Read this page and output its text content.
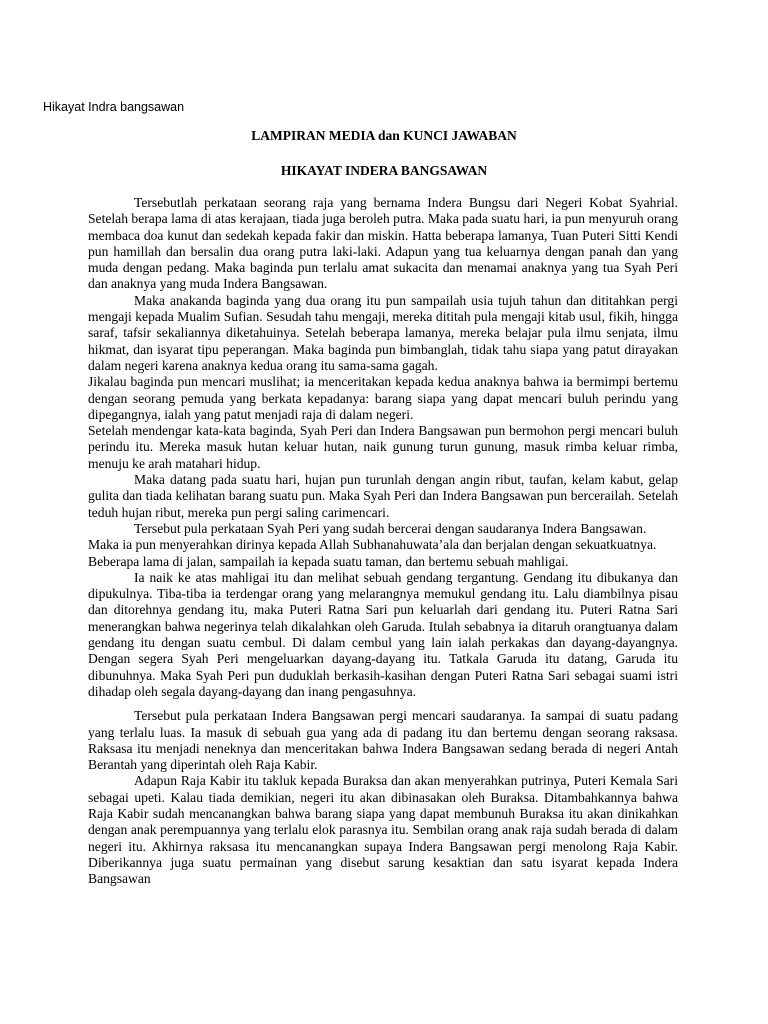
Hikayat Indra bangsawan
LAMPIRAN MEDIA dan KUNCI JAWABAN
HIKAYAT INDERA BANGSAWAN

Tersebutlah perkataan seorang raja yang bernama Indera Bungsu dari Negeri Kobat Syahrial. Setelah berapa lama di atas kerajaan, tiada juga beroleh putra. Maka pada suatu hari, ia pun menyuruh orang membaca doa kunut dan sedekah kepada fakir dan miskin. Hatta beberapa lamanya, Tuan Puteri Sitti Kendi pun hamillah dan bersalin dua orang putra laki-laki. Adapun yang tua keluarnya dengan panah dan yang muda dengan pedang. Maka baginda pun terlalu amat sukacita dan menamai anaknya yang tua Syah Peri dan anaknya yang muda Indera Bangsawan.

Maka anakanda baginda yang dua orang itu pun sampailah usia tujuh tahun dan dititahkan pergi mengaji kepada Mualim Sufian. Sesudah tahu mengaji, mereka dititah pula mengaji kitab usul, fikih, hingga saraf, tafsir sekaliannya diketahuinya. Setelah beberapa lamanya, mereka belajar pula ilmu senjata, ilmu hikmat, dan isyarat tipu peperangan. Maka baginda pun bimbanglah, tidak tahu siapa yang patut dirayakan dalam negeri karena anaknya kedua orang itu sama-sama gagah.

Jikalau baginda pun mencari muslihat; ia menceritakan kepada kedua anaknya bahwa ia bermimpi bertemu dengan seorang pemuda yang berkata kepadanya: barang siapa yang dapat mencari buluh perindu yang dipegangnya, ialah yang patut menjadi raja di dalam negeri.

Setelah mendengar kata-kata baginda, Syah Peri dan Indera Bangsawan pun bermohon pergi mencari buluh perindu itu. Mereka masuk hutan keluar hutan, naik gunung turun gunung, masuk rimba keluar rimba, menuju ke arah matahari hidup.

Maka datang pada suatu hari, hujan pun turunlah dengan angin ribut, taufan, kelam kabut, gelap gulita dan tiada kelihatan barang suatu pun. Maka Syah Peri dan Indera Bangsawan pun bercerailah. Setelah teduh hujan ribut, mereka pun pergi saling carimencari.

Tersebut pula perkataan Syah Peri yang sudah bercerai dengan saudaranya Indera Bangsawan.

Maka ia pun menyerahkan dirinya kepada Allah Subhanahuwata’ala dan berjalan dengan sekuatkuatnya.

Beberapa lama di jalan, sampailah ia kepada suatu taman, dan bertemu sebuah mahligai.

Ia naik ke atas mahligai itu dan melihat sebuah gendang tergantung. Gendang itu dibukanya dan dipukulnya. Tiba-tiba ia terdengar orang yang melarangnya memukul gendang itu. Lalu diambilnya pisau dan ditorehnya gendang itu, maka Puteri Ratna Sari pun keluarlah dari gendang itu. Puteri Ratna Sari menerangkan bahwa negerinya telah dikalahkan oleh Garuda. Itulah sebabnya ia ditaruh orangtuanya dalam gendang itu dengan suatu cembul. Di dalam cembul yang lain ialah perkakas dan dayang-dayangnya. Dengan segera Syah Peri mengeluarkan dayang-dayang itu. Tatkala Garuda itu datang, Garuda itu dibunuhnya. Maka Syah Peri pun duduklah berkasih-kasihan dengan Puteri Ratna Sari sebagai suami istri dihadap oleh segala dayang-dayang dan inang pengasuhnya.

Tersebut pula perkataan Indera Bangsawan pergi mencari saudaranya. Ia sampai di suatu padang yang terlalu luas. Ia masuk di sebuah gua yang ada di padang itu dan bertemu dengan seorang raksasa. Raksasa itu menjadi neneknya dan menceritakan bahwa Indera Bangsawan sedang berada di negeri Antah Berantah yang diperintah oleh Raja Kabir.

Adapun Raja Kabir itu takluk kepada Buraksa dan akan menyerahkan putrinya, Puteri Kemala Sari sebagai upeti. Kalau tiada demikian, negeri itu akan dibinasakan oleh Buraksa. Ditambahkannya bahwa Raja Kabir sudah mencanangkan bahwa barang siapa yang dapat membunuh Buraksa itu akan dinikahkan dengan anak perempuannya yang terlalu elok parasnya itu. Sembilan orang anak raja sudah berada di dalam negeri itu. Akhirnya raksasa itu mencanangkan supaya Indera Bangsawan pergi menolong Raja Kabir. Diberikannya juga suatu permainan yang disebut sarung kesaktian dan satu isyarat kepada Indera Bangsawan
